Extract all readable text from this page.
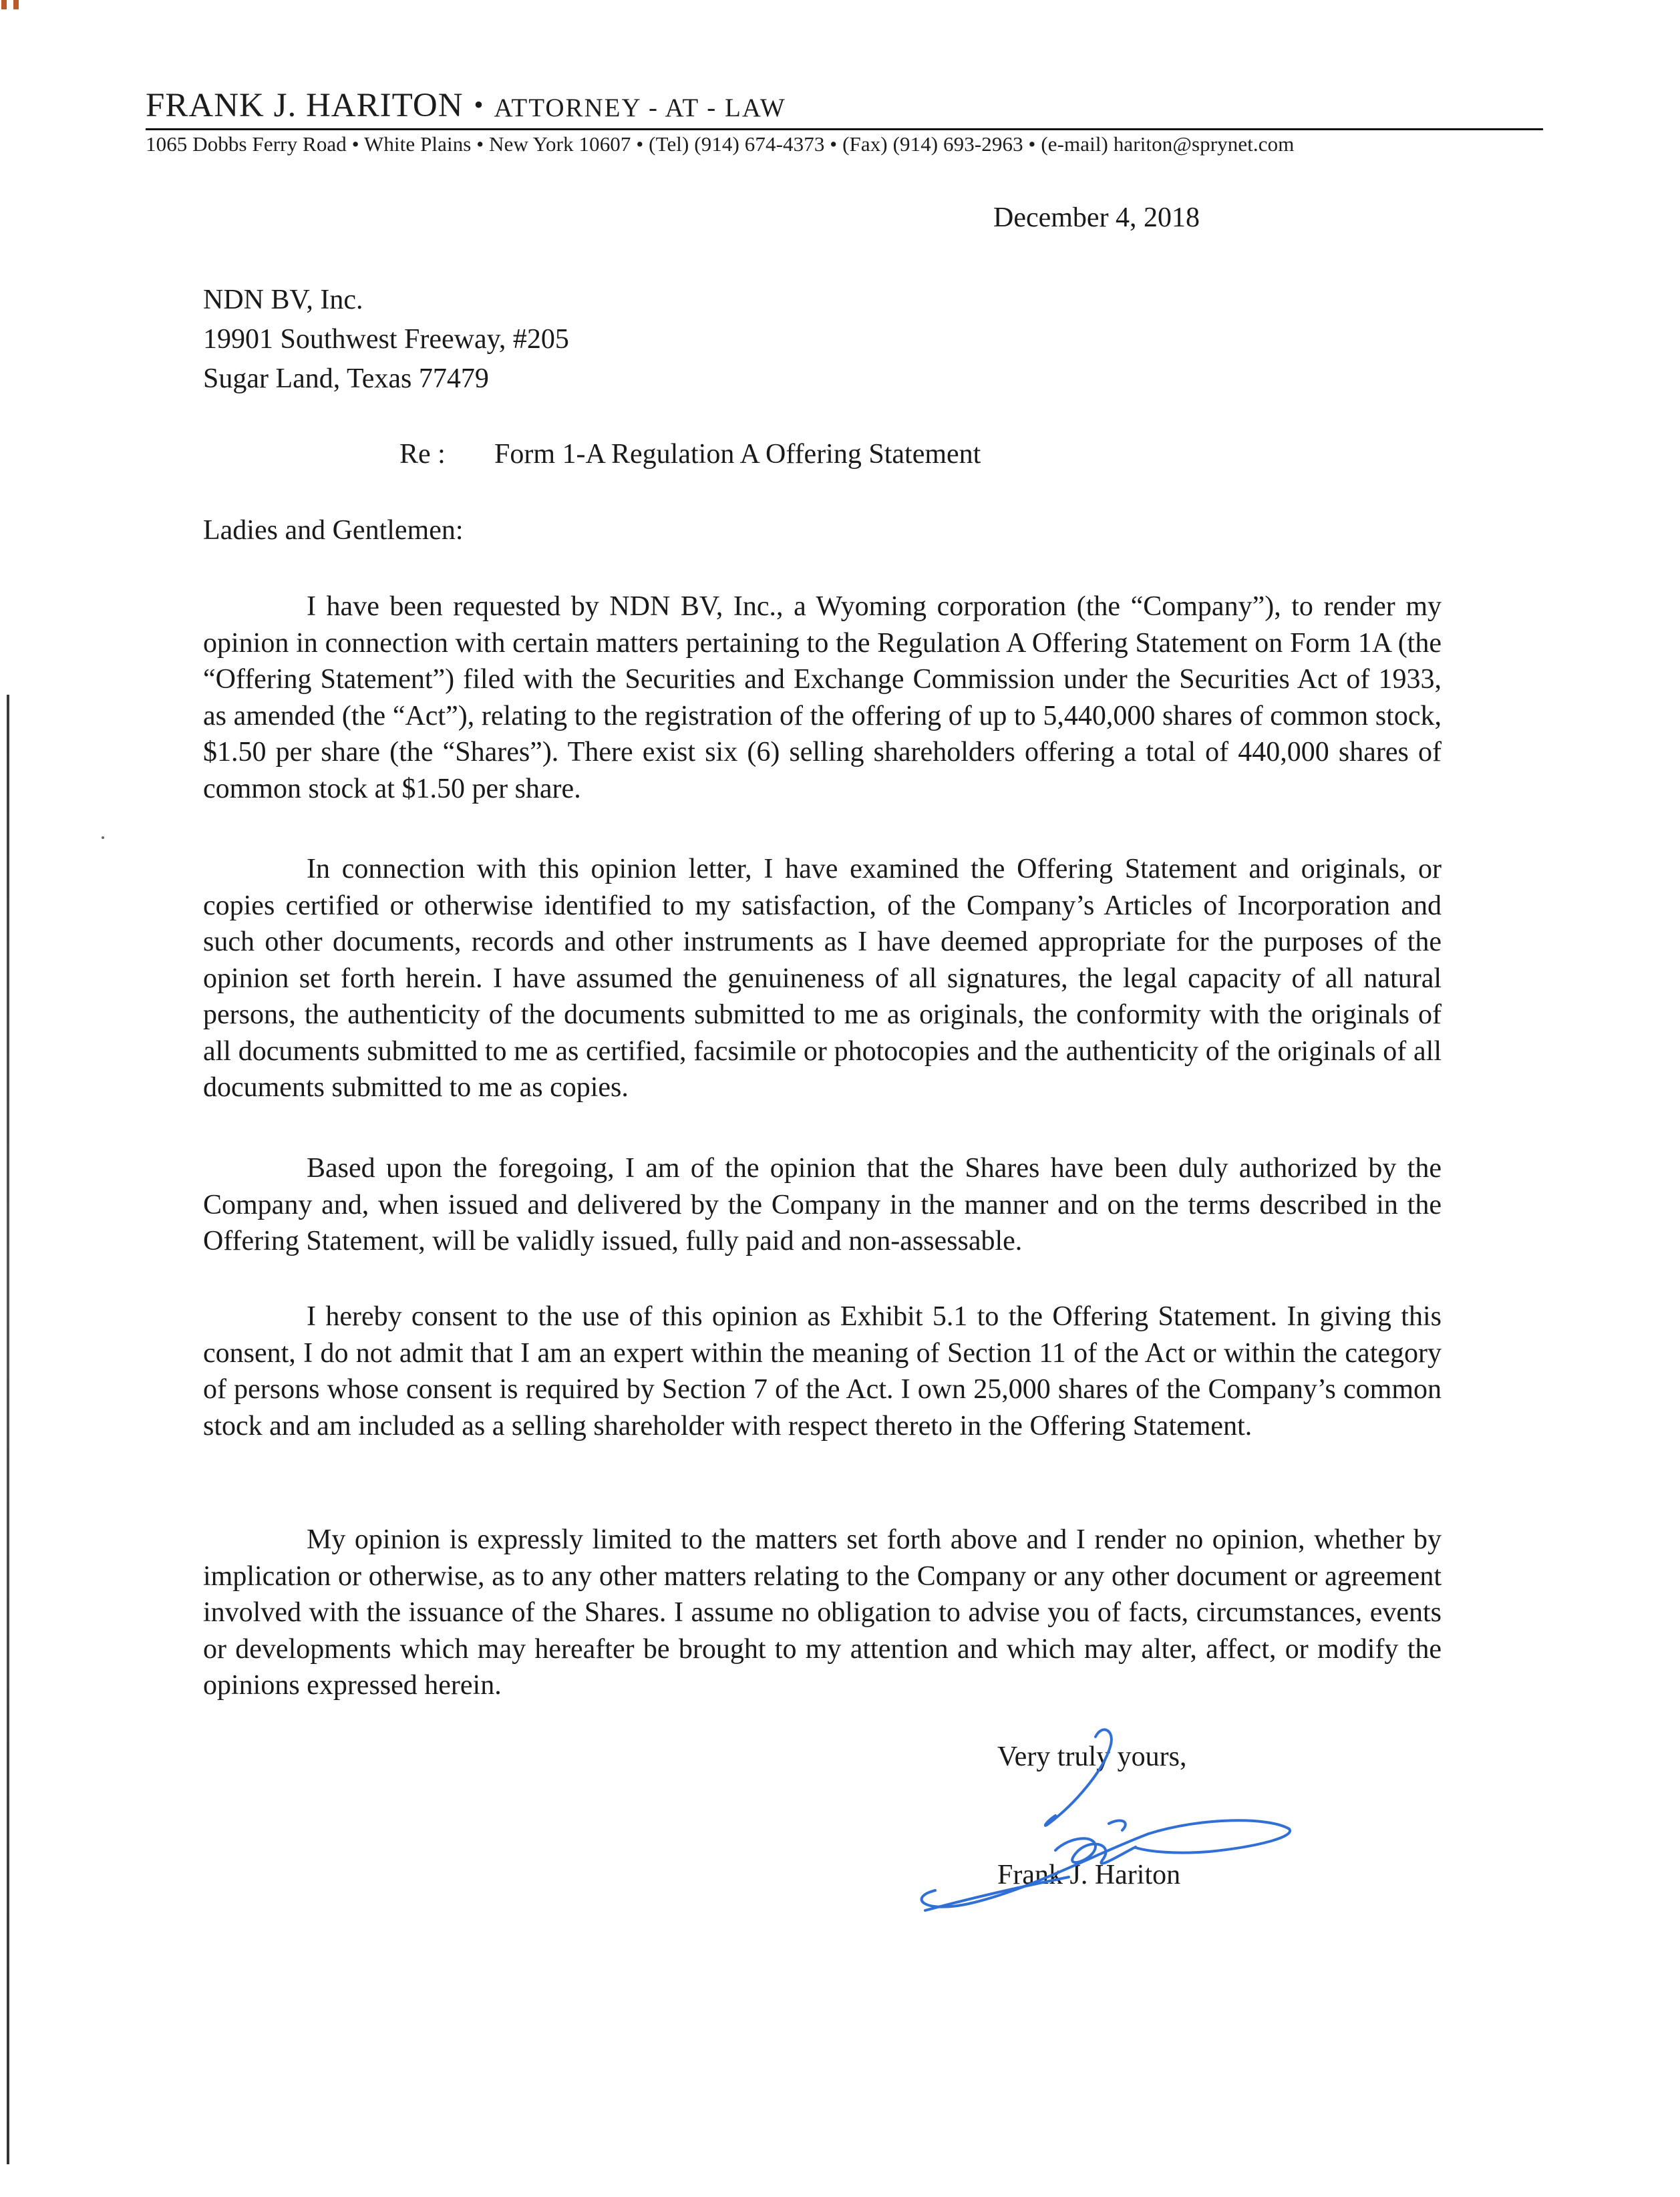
FRANK J. HARITON • ATTORNEY - AT - LAW
1065 Dobbs Ferry Road • White Plains • New York 10607 • (Tel) (914) 674-4373 • (Fax) (914) 693-2963 • (e-mail) hariton@sprynet.com
December 4, 2018
NDN BV, Inc.
19901 Southwest Freeway, #205
Sugar Land, Texas 77479
Re : Form 1-A Regulation A Offering Statement
Ladies and Gentlemen:

I have been requested by NDN BV, Inc., a Wyoming corporation (the “Company”), to render my opinion in connection with certain matters pertaining to the Regulation A Offering Statement on Form 1A (the “Offering Statement”) filed with the Securities and Exchange Commission under the Securities Act of 1933, as amended (the “Act”), relating to the registration of the offering of up to 5,440,000 shares of common stock, $1.50 per share (the “Shares”). There exist six (6) selling shareholders offering a total of 440,000 shares of common stock at $1.50 per share.

In connection with this opinion letter, I have examined the Offering Statement and originals, or copies certified or otherwise identified to my satisfaction, of the Company’s Articles of Incorporation and such other documents, records and other instruments as I have deemed appropriate for the purposes of the opinion set forth herein. I have assumed the genuineness of all signatures, the legal capacity of all natural persons, the authenticity of the documents submitted to me as originals, the conformity with the originals of all documents submitted to me as certified, facsimile or photocopies and the authenticity of the originals of all documents submitted to me as copies.

Based upon the foregoing, I am of the opinion that the Shares have been duly authorized by the Company and, when issued and delivered by the Company in the manner and on the terms described in the Offering Statement, will be validly issued, fully paid and non-assessable.

I hereby consent to the use of this opinion as Exhibit 5.1 to the Offering Statement. In giving this consent, I do not admit that I am an expert within the meaning of Section 11 of the Act or within the category of persons whose consent is required by Section 7 of the Act. I own 25,000 shares of the Company’s common stock and am included as a selling shareholder with respect thereto in the Offering Statement.

My opinion is expressly limited to the matters set forth above and I render no opinion, whether by implication or otherwise, as to any other matters relating to the Company or any other document or agreement involved with the issuance of the Shares. I assume no obligation to advise you of facts, circumstances, events or developments which may hereafter be brought to my attention and which may alter, affect, or modify the opinions expressed herein.

Very truly yours,
Frank J. Hariton
